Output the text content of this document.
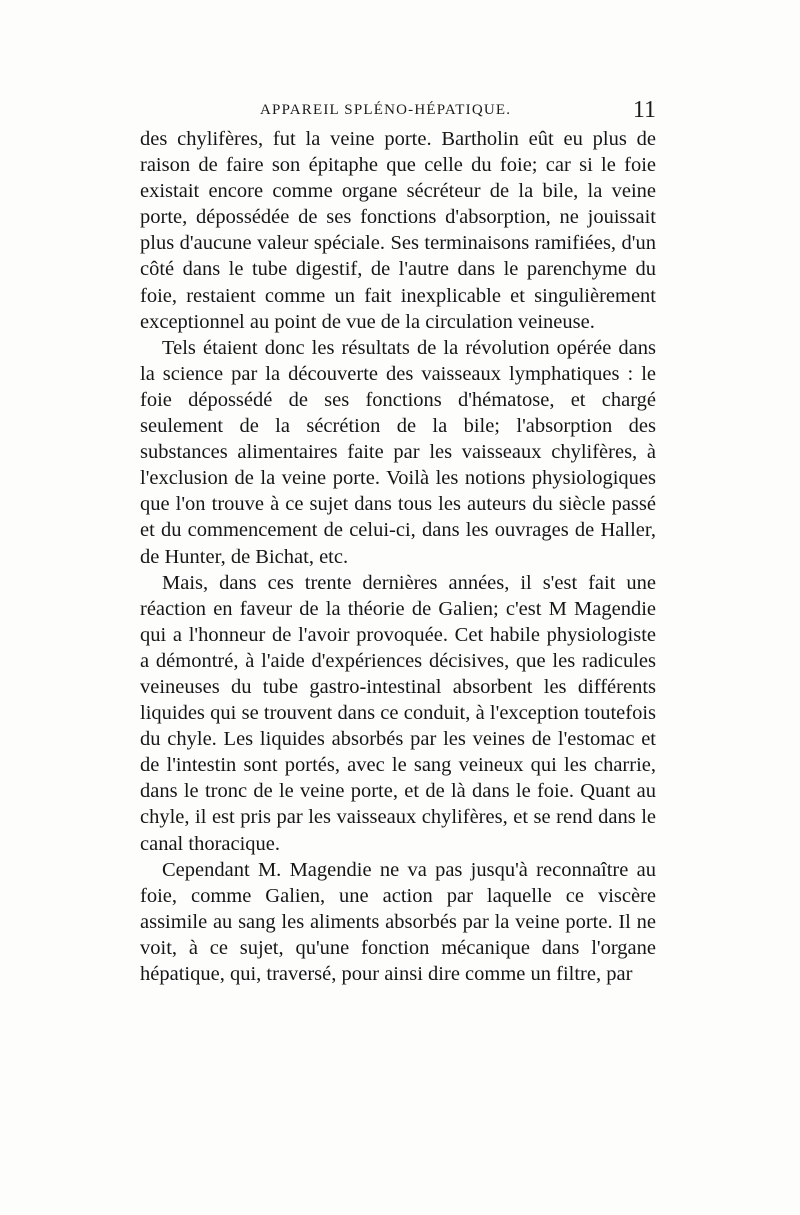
APPAREIL SPLÉNO-HÉPATIQUE.	11

des chylifères, fut la veine porte. Bartholin eût eu plus de raison de faire son épitaphe que celle du foie; car si le foie existait encore comme organe sécréteur de la bile, la veine porte, dépossédée de ses fonctions d'absorption, ne jouissait plus d'aucune valeur spéciale. Ses terminaisons ramifiées, d'un côté dans le tube digestif, de l'autre dans le parenchyme du foie, restaient comme un fait inexplicable et singulièrement exceptionnel au point de vue de la circulation veineuse.

Tels étaient donc les résultats de la révolution opérée dans la science par la découverte des vaisseaux lymphatiques : le foie dépossédé de ses fonctions d'hématose, et chargé seulement de la sécrétion de la bile; l'absorption des substances alimentaires faite par les vaisseaux chylifères, à l'exclusion de la veine porte. Voilà les notions physiologiques que l'on trouve à ce sujet dans tous les auteurs du siècle passé et du commencement de celui-ci, dans les ouvrages de Haller, de Hunter, de Bichat, etc.

Mais, dans ces trente dernières années, il s'est fait une réaction en faveur de la théorie de Galien; c'est M Magendie qui a l'honneur de l'avoir provoquée. Cet habile physiologiste a démontré, à l'aide d'expériences décisives, que les radicules veineuses du tube gastro-intestinal absorbent les différents liquides qui se trouvent dans ce conduit, à l'exception toutefois du chyle. Les liquides absorbés par les veines de l'estomac et de l'intestin sont portés, avec le sang veineux qui les charrie, dans le tronc de le veine porte, et de là dans le foie. Quant au chyle, il est pris par les vaisseaux chylifères, et se rend dans le canal thoracique.

Cependant M. Magendie ne va pas jusqu'à reconnaître au foie, comme Galien, une action par laquelle ce viscère assimile au sang les aliments absorbés par la veine porte. Il ne voit, à ce sujet, qu'une fonction mécanique dans l'organe hépatique, qui, traversé, pour ainsi dire comme un filtre, par
